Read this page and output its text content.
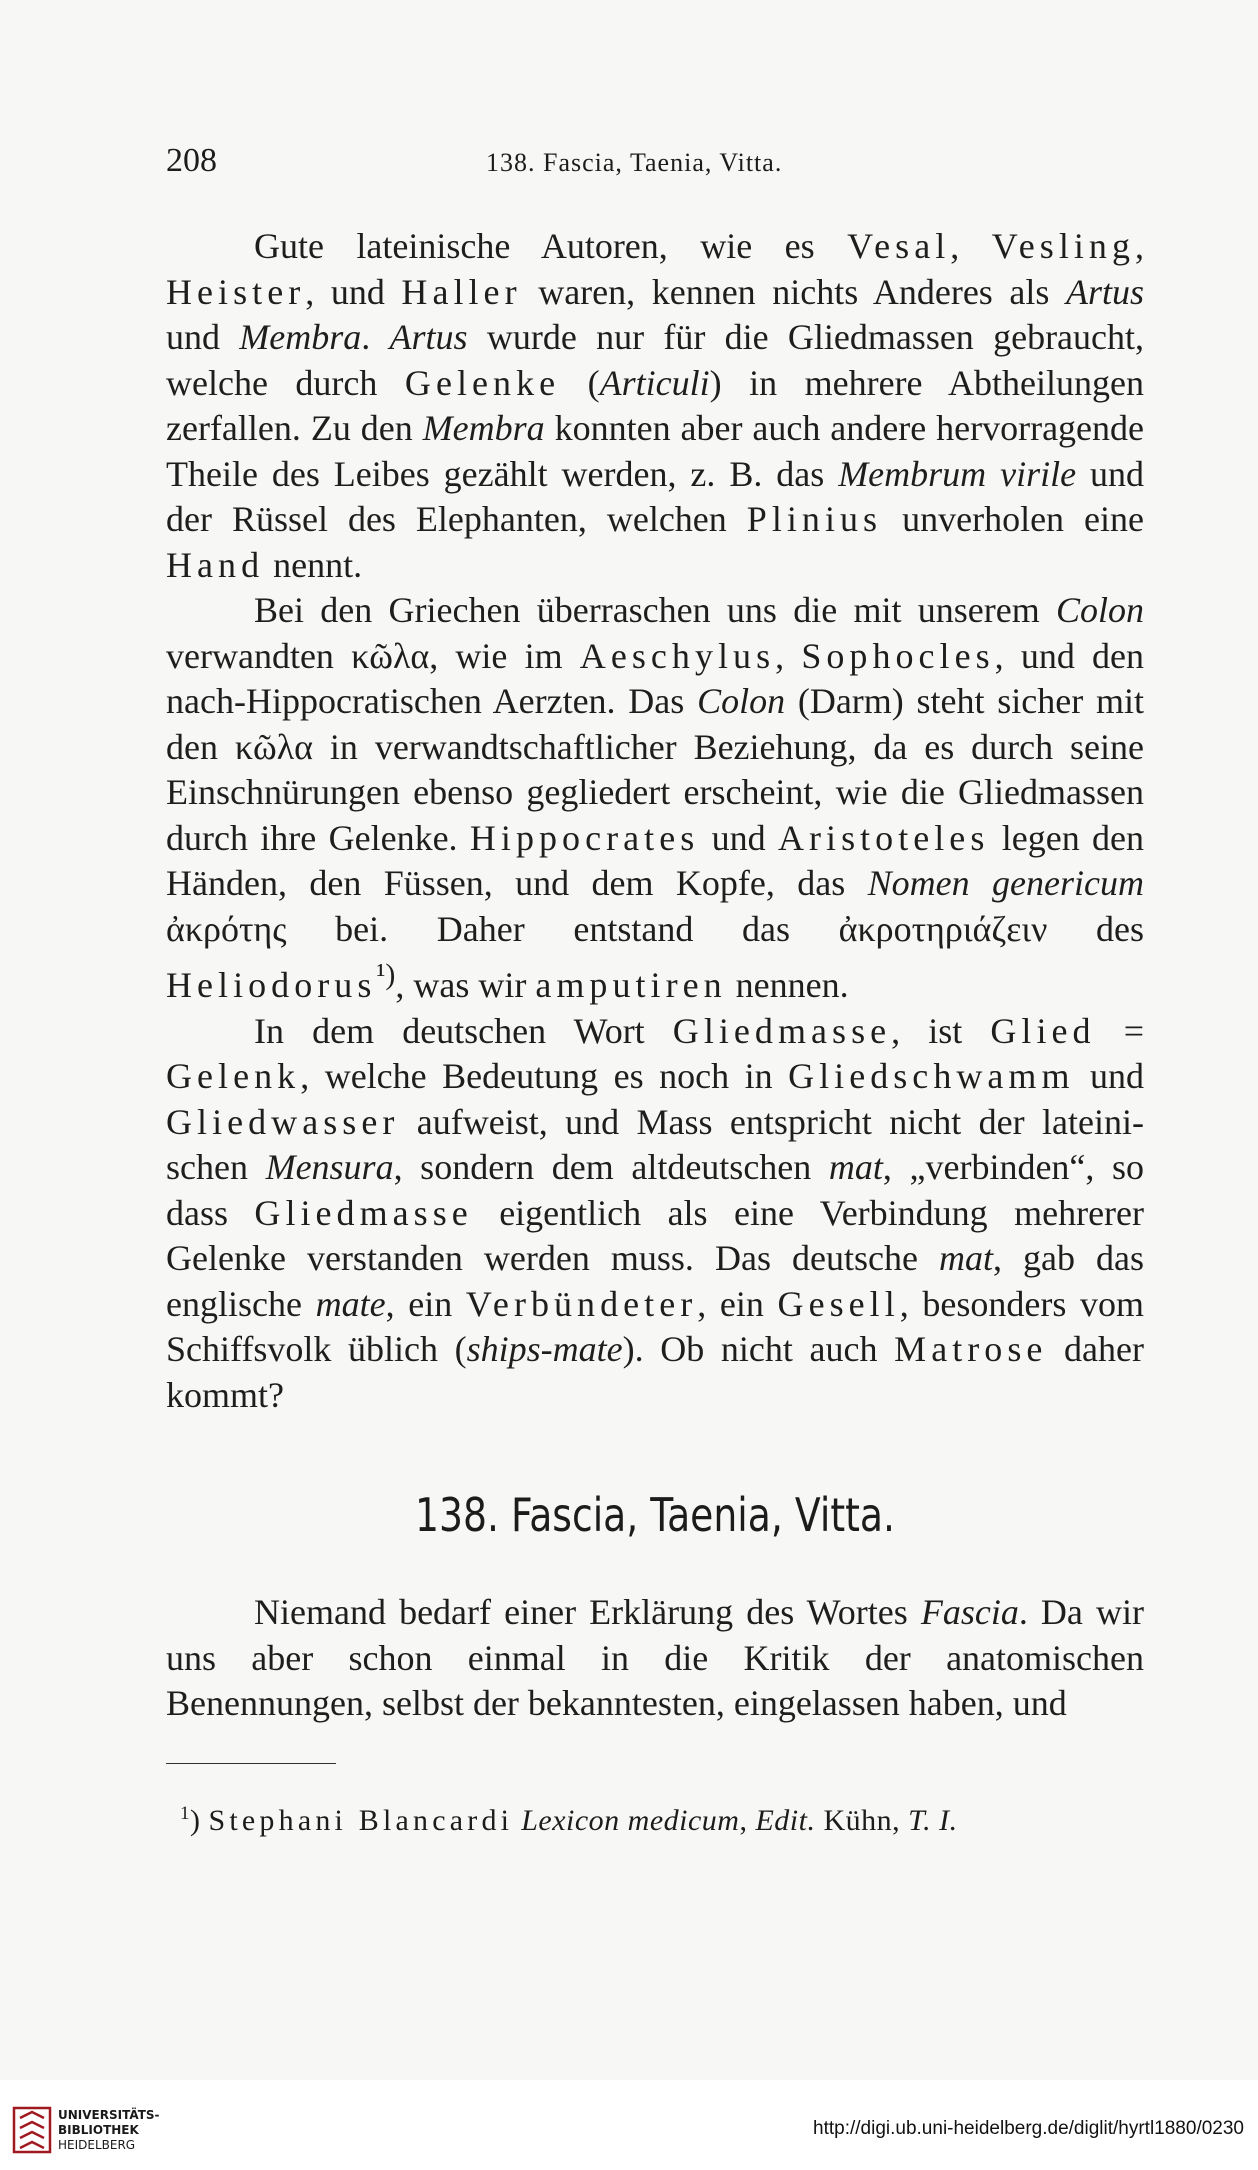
208	138. Fascia, Taenia, Vitta.

Gute lateinische Autoren, wie es Vesal, Vesling, Heister, und Haller waren, kennen nichts Anderes als Artus und Membra. Artus wurde nur für die Gliedmassen gebraucht, welche durch Gelenke (Articuli) in mehrere Abtheilungen zerfallen. Zu den Membra konnten aber auch andere hervorragende Theile des Leibes gezählt werden, z. B. das Membrum virile und der Rüssel des Elephanten, welchen Plinius unverholen eine Hand nennt.

Bei den Griechen überraschen uns die mit unserem Colon verwandten κῶλα, wie im Aeschylus, Sophocles, und den nach-Hippocratischen Aerzten. Das Colon (Darm) steht sicher mit den κῶλα in verwandtschaftlicher Beziehung, da es durch seine Einschnürungen ebenso gegliedert erscheint, wie die Gliedmassen durch ihre Gelenke. Hippocrates und Aristoteles legen den Händen, den Füssen, und dem Kopfe, das Nomen genericum ἀκρότης bei. Daher entstand das ἀκροτηριάζειν des Heliodorus$^{^1)}$, was wir amputiren nennen.

In dem deutschen Wort Gliedmasse, ist Glied = Gelenk, welche Bedeutung es noch in Gliedschwamm und Gliedwasser aufweist, und Mass entspricht nicht der lateinischen Mensura, sondern dem altdeutschen mat, „verbinden“, so dass Gliedmasse eigentlich als eine Verbindung mehrerer Gelenke verstanden werden muss. Das deutsche mat, gab das englische mate, ein Verbündeter, ein Gesell, besonders vom Schiffsvolk üblich (ships-mate). Ob nicht auch Matrose daher kommt?

138. Fascia, Taenia, Vitta.

Niemand bedarf einer Erklärung des Wortes Fascia. Da wir uns aber schon einmal in die Kritik der anatomischen Benennungen, selbst der bekanntesten, eingelassen haben, und

$^1$) Stephani Blancardi Lexicon medicum, Edit. Kühn, T. I.
UNIVERSITÄTS-
BIBLIOTHEK
HEIDELBERG
http://digi.ub.uni-heidelberg.de/diglit/hyrtl1880/0230
